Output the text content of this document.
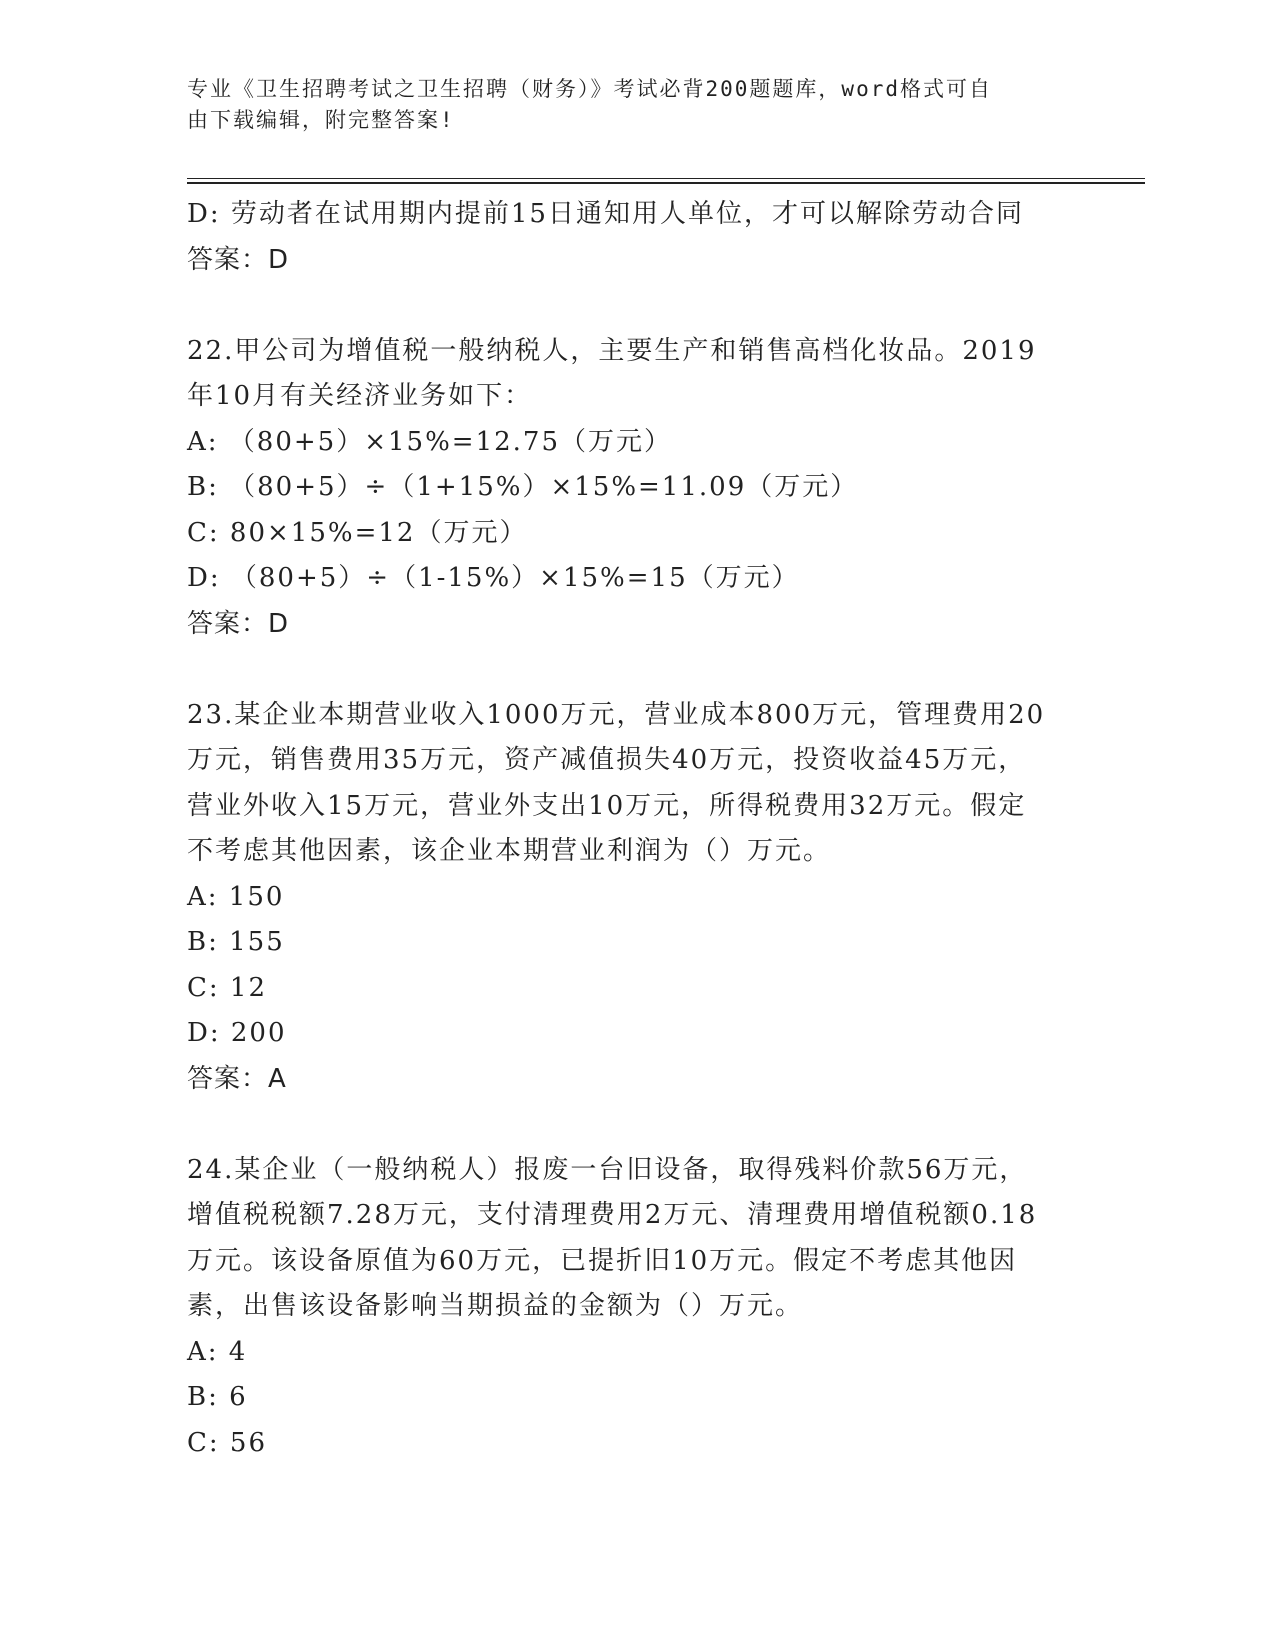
专业《卫生招聘考试之卫生招聘（财务）》考试必背200题题库，word格式可自
由下载编辑，附完整答案!
D: 劳动者在试用期内提前15日通知用人单位，才可以解除劳动合同
答案：D
22.甲公司为增值税一般纳税人，主要生产和销售高档化妆品。2019
年10月有关经济业务如下：
A: （80+5）×15%=12.75（万元）
B: （80+5）÷（1+15%）×15%=11.09（万元）
C: 80×15%=12（万元）
D: （80+5）÷（1-15%）×15%=15（万元）
答案：D
23.某企业本期营业收入1000万元，营业成本800万元，管理费用20
万元，销售费用35万元，资产减值损失40万元，投资收益45万元，
营业外收入15万元，营业外支出10万元，所得税费用32万元。假定
不考虑其他因素，该企业本期营业利润为（）万元。
A: 150
B: 155
C: 12
D: 200
答案：A
24.某企业（一般纳税人）报废一台旧设备，取得残料价款56万元，
增值税税额7.28万元，支付清理费用2万元、清理费用增值税额0.18
万元。该设备原值为60万元，已提折旧10万元。假定不考虑其他因
素，出售该设备影响当期损益的金额为（）万元。
A: 4
B: 6
C: 56
